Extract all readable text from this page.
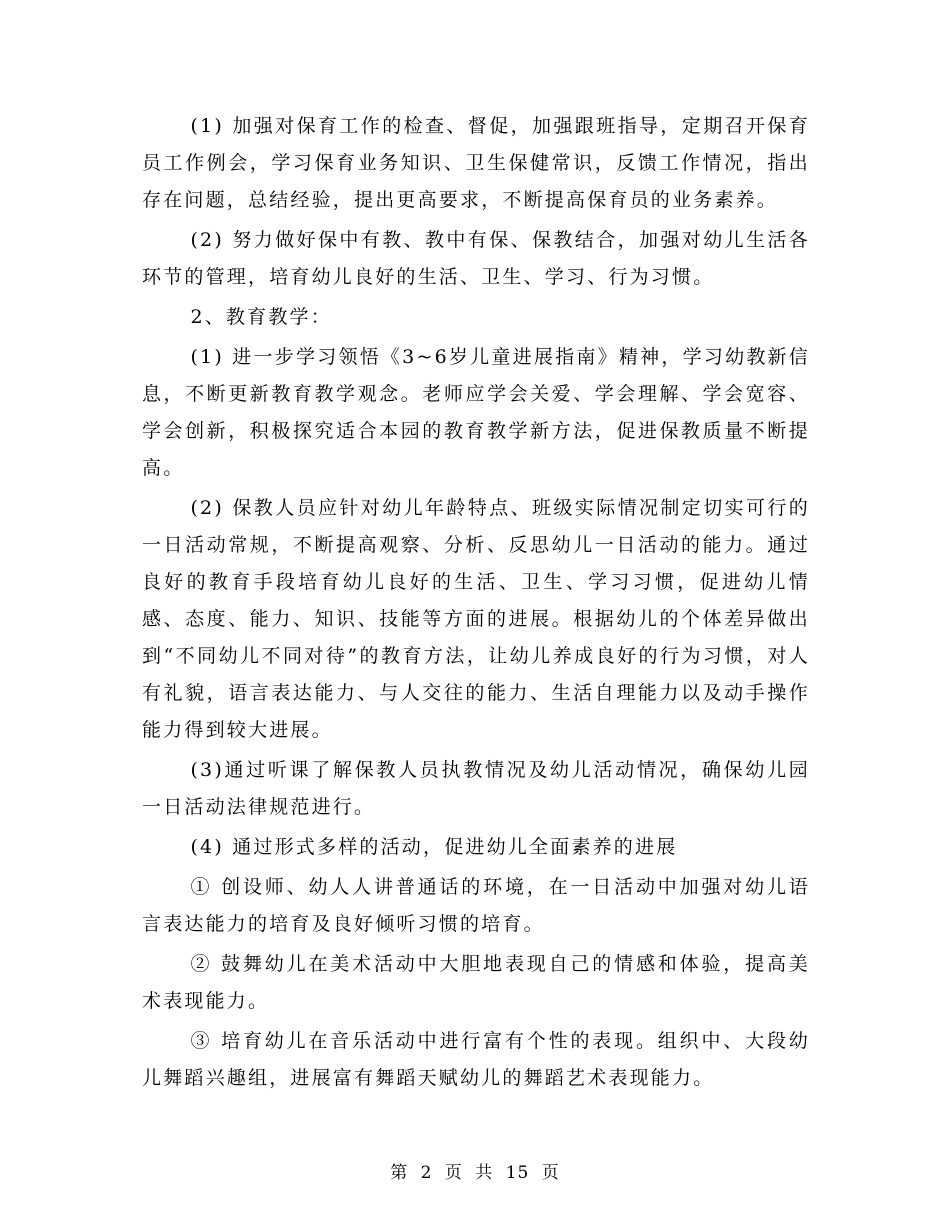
(1) 加强对保育工作的检查、督促，加强跟班指导，定期召开保育员工作例会，学习保育业务知识、卫生保健常识，反馈工作情况，指出存在问题，总结经验，提出更高要求，不断提高保育员的业务素养。

(2) 努力做好保中有教、教中有保、保教结合，加强对幼儿生活各环节的管理，培育幼儿良好的生活、卫生、学习、行为习惯。

2、教育教学：

(1) 进一步学习领悟《3~6岁儿童进展指南》精神，学习幼教新信息，不断更新教育教学观念。老师应学会关爱、学会理解、学会宽容、学会创新，积极探究适合本园的教育教学新方法，促进保教质量不断提高。

(2) 保教人员应针对幼儿年龄特点、班级实际情况制定切实可行的一日活动常规，不断提高观察、分析、反思幼儿一日活动的能力。通过良好的教育手段培育幼儿良好的生活、卫生、学习习惯，促进幼儿情感、态度、能力、知识、技能等方面的进展。根据幼儿的个体差异做出到“不同幼儿不同对待”的教育方法，让幼儿养成良好的行为习惯，对人有礼貌，语言表达能力、与人交往的能力、生活自理能力以及动手操作能力得到较大进展。

(3)通过听课了解保教人员执教情况及幼儿活动情况，确保幼儿园一日活动法律规范进行。

(4) 通过形式多样的活动，促进幼儿全面素养的进展

① 创设师、幼人人讲普通话的环境，在一日活动中加强对幼儿语言表达能力的培育及良好倾听习惯的培育。

② 鼓舞幼儿在美术活动中大胆地表现自己的情感和体验，提高美术表现能力。

③ 培育幼儿在音乐活动中进行富有个性的表现。组织中、大段幼儿舞蹈兴趣组，进展富有舞蹈天赋幼儿的舞蹈艺术表现能力。

第 2 页 共 15 页
